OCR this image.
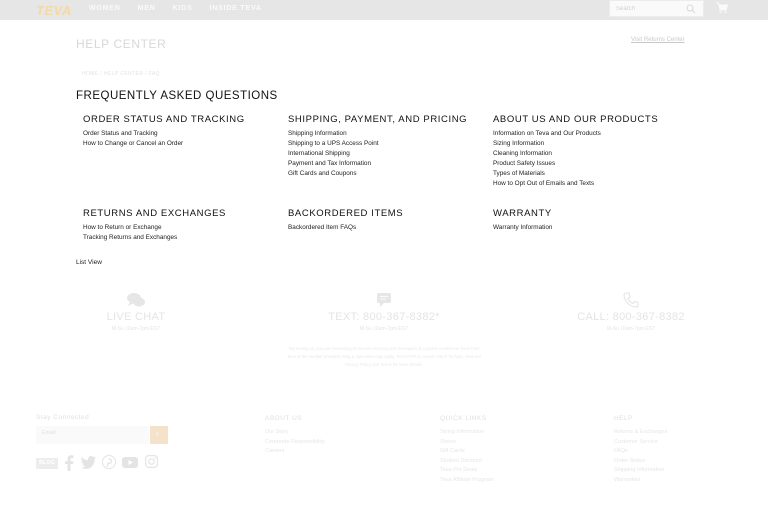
TEVA WOMEN MEN KIDS INSIDE TEVA
Search
HELP CENTER	Visit Returns Center
HOME / HELP CENTER / FAQ
FREQUENTLY ASKED QUESTIONS
ORDER STATUS AND TRACKING
Order Status and Tracking
How to Change or Cancel an Order
SHIPPING, PAYMENT, AND PRICING
Shipping Information
Shipping to a UPS Access Point
International Shipping
Payment and Tax Information
Gift Cards and Coupons
ABOUT US AND OUR PRODUCTS
Information on Teva and Our Products
Sizing Information
Cleaning Information
Product Safety Issues
Types of Materials
How to Opt Out of Emails and Texts
RETURNS AND EXCHANGES
How to Return or Exchange
Tracking Returns and Exchanges
BACKORDERED ITEMS
Backordered Item FAQs
WARRANTY
Warranty Information
List View
LIVE CHAT
M-Su 10am-7pm EST
TEXT: 800-367-8382*
M-Su 10am-7pm EST
CALL: 800-367-8382
M-Su 10am-7pm EST
*By texting us, you are consenting to receive recurring text messages at a phone number we have from Teva at the number provided. Msg & data rates may apply. Text STOP to cancel. HELP for help. View our Privacy Policy and Terms for more details.
Stay Connected
Email
›
BLOG
ABOUT US
Our Story
Corporate Responsibility
Careers
QUICK LINKS
Sizing Information
Stores
Gift Cards
Student Discount
Teva Pro Deals
Teva Affiliate Program
HELP
Returns & Exchanges
Customer Service
FAQs
Order Status
Shipping Information
Warranties
